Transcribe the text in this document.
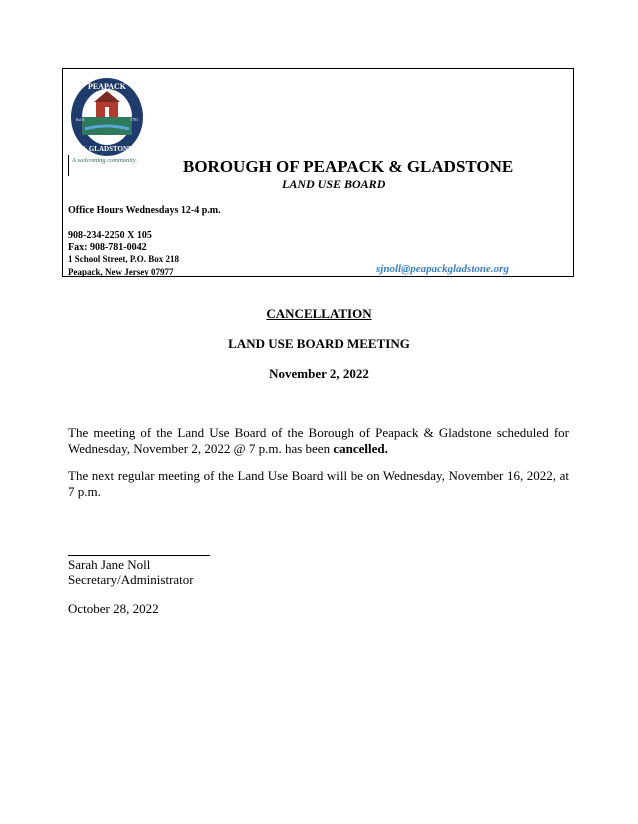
PEAPACK
& GLADSTONE
Est'd	1701
A welcoming community.	BOROUGH OF PEAPACK & GLADSTONE
LAND USE BOARD
Office Hours Wednesdays 12-4 p.m.
908-234-2250 X 105
Fax: 908-781-0042
1 School Street, P.O. Box 218
Peapack, New Jersey 07977	sjnoll@peapackgladstone.org
CANCELLATION
LAND USE BOARD MEETING
November 2, 2022
The meeting of the Land Use Board of the Borough of Peapack & Gladstone scheduled for Wednesday, November 2, 2022 @ 7 p.m. has been cancelled.
The next regular meeting of the Land Use Board will be on Wednesday, November 16, 2022, at 7 p.m.
Sarah Jane Noll
Secretary/Administrator
October 28, 2022
